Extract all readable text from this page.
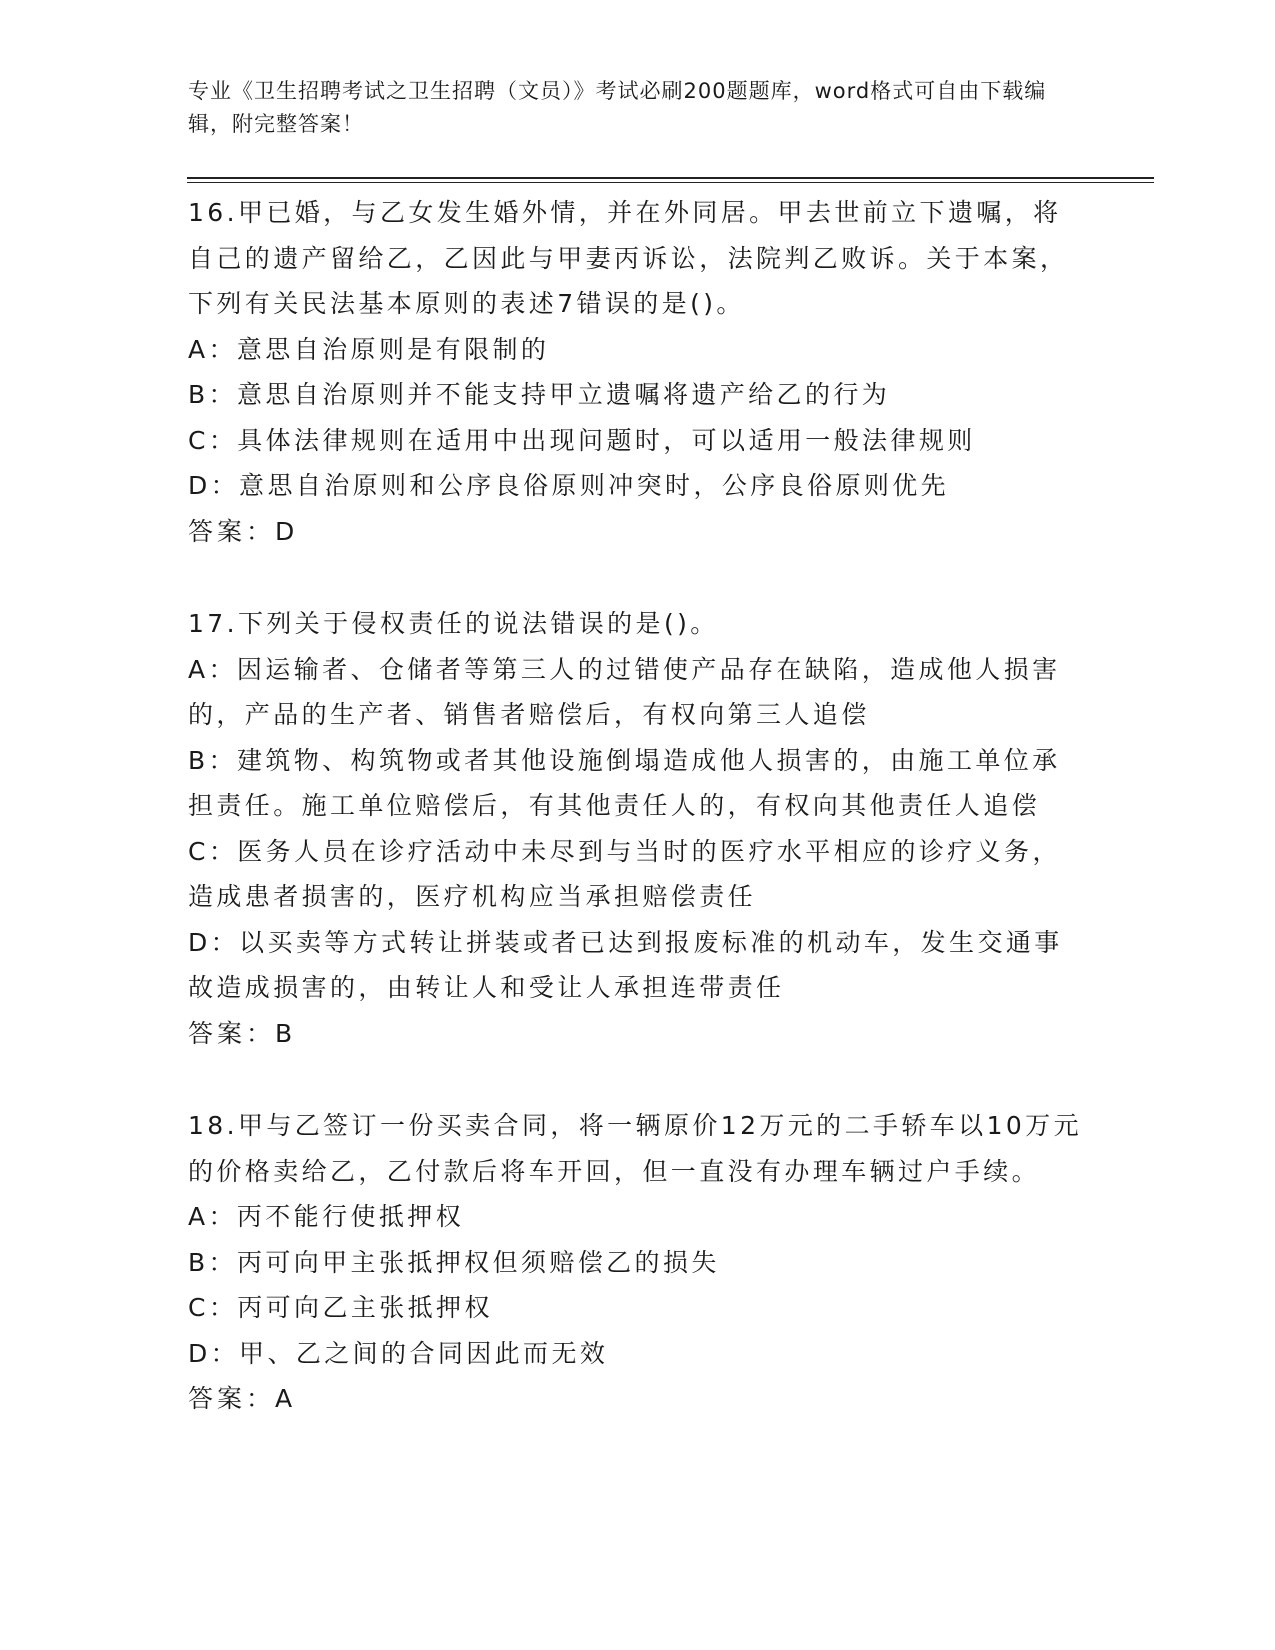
专业《卫生招聘考试之卫生招聘（文员）》考试必刷200题题库，word格式可自由下载编辑，附完整答案！
16.甲已婚，与乙女发生婚外情，并在外同居。甲去世前立下遗嘱，将自己的遗产留给乙，乙因此与甲妻丙诉讼，法院判乙败诉。关于本案，下列有关民法基本原则的表述7错误的是()。
A：意思自治原则是有限制的
B：意思自治原则并不能支持甲立遗嘱将遗产给乙的行为
C：具体法律规则在适用中出现问题时，可以适用一般法律规则
D：意思自治原则和公序良俗原则冲突时，公序良俗原则优先
答案：D
17.下列关于侵权责任的说法错误的是()。
A：因运输者、仓储者等第三人的过错使产品存在缺陷，造成他人损害的，产品的生产者、销售者赔偿后，有权向第三人追偿
B：建筑物、构筑物或者其他设施倒塌造成他人损害的，由施工单位承担责任。施工单位赔偿后，有其他责任人的，有权向其他责任人追偿
C：医务人员在诊疗活动中未尽到与当时的医疗水平相应的诊疗义务，造成患者损害的，医疗机构应当承担赔偿责任
D：以买卖等方式转让拼装或者已达到报废标准的机动车，发生交通事故造成损害的，由转让人和受让人承担连带责任
答案：B
18.甲与乙签订一份买卖合同，将一辆原价12万元的二手轿车以10万元的价格卖给乙，乙付款后将车开回，但一直没有办理车辆过户手续。
A：丙不能行使抵押权
B：丙可向甲主张抵押权但须赔偿乙的损失
C：丙可向乙主张抵押权
D：甲、乙之间的合同因此而无效
答案：A
